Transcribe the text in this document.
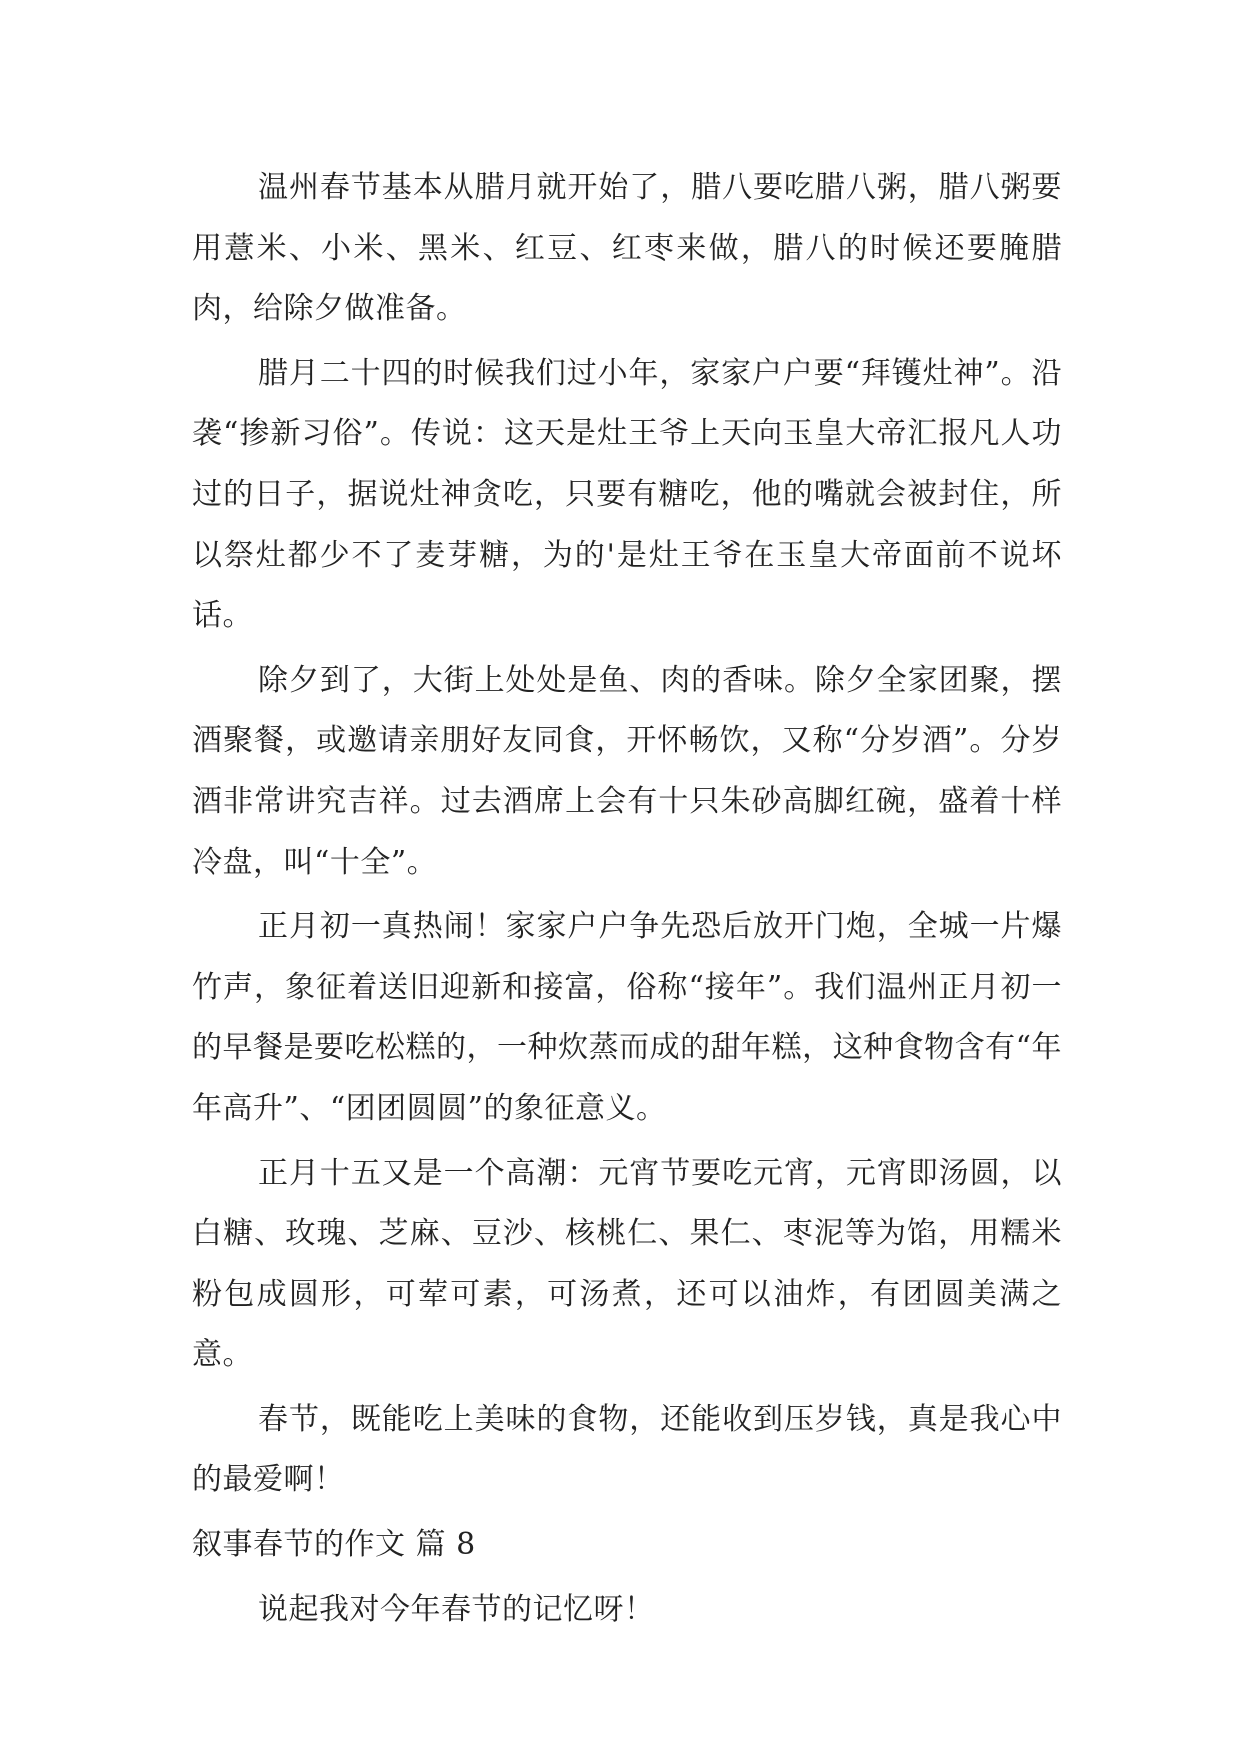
温州春节基本从腊月就开始了，腊八要吃腊八粥，腊八粥要用薏米、小米、黑米、红豆、红枣来做，腊八的时候还要腌腊肉，给除夕做准备。

腊月二十四的时候我们过小年，家家户户要“拜镬灶神”。沿袭“掺新习俗”。传说：这天是灶王爷上天向玉皇大帝汇报凡人功过的日子，据说灶神贪吃，只要有糖吃，他的嘴就会被封住，所以祭灶都少不了麦芽糖，为的'是灶王爷在玉皇大帝面前不说坏话。

除夕到了，大街上处处是鱼、肉的香味。除夕全家团聚，摆酒聚餐，或邀请亲朋好友同食，开怀畅饮，又称“分岁酒”。分岁酒非常讲究吉祥。过去酒席上会有十只朱砂高脚红碗，盛着十样冷盘，叫“十全”。

正月初一真热闹！家家户户争先恐后放开门炮，全城一片爆竹声，象征着送旧迎新和接富，俗称“接年”。我们温州正月初一的早餐是要吃松糕的，一种炊蒸而成的甜年糕，这种食物含有“年年高升”、“团团圆圆”的象征意义。

正月十五又是一个高潮：元宵节要吃元宵，元宵即汤圆，以白糖、玫瑰、芝麻、豆沙、核桃仁、果仁、枣泥等为馅，用糯米粉包成圆形，可荤可素，可汤煮，还可以油炸，有团圆美满之意。

春节，既能吃上美味的食物，还能收到压岁钱，真是我心中的最爱啊！

叙事春节的作文 篇 8

说起我对今年春节的记忆呀！
